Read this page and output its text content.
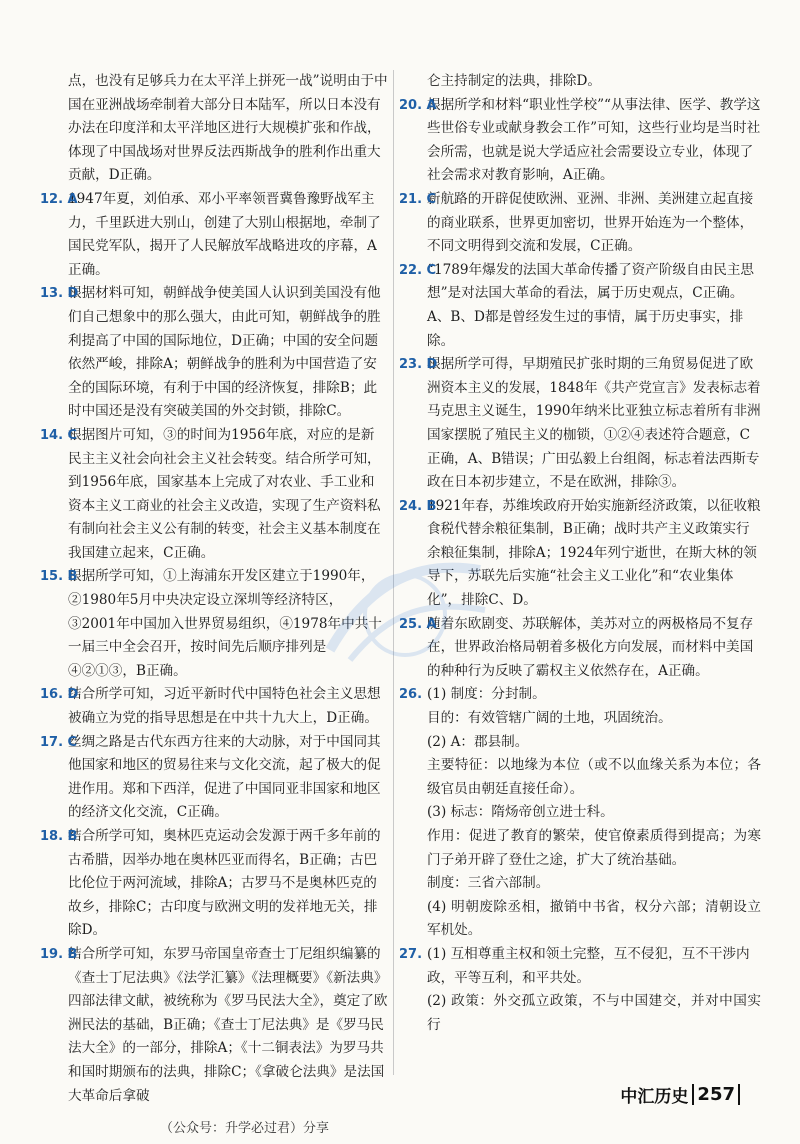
点，也没有足够兵力在太平洋上拼死一战”说明由于中国在亚洲战场牵制着大部分日本陆军，所以日本没有办法在印度洋和太平洋地区进行大规模扩张和作战，体现了中国战场对世界反法西斯战争的胜利作出重大贡献，D正确。

12. A
1947年夏，刘伯承、邓小平率领晋冀鲁豫野战军主力，千里跃进大别山，创建了大别山根据地，牵制了国民党军队，揭开了人民解放军战略进攻的序幕，A正确。

13. D
根据材料可知，朝鲜战争使美国人认识到美国没有他们自己想象中的那么强大，由此可知，朝鲜战争的胜利提高了中国的国际地位，D正确；中国的安全问题依然严峻，排除A；朝鲜战争的胜利为中国营造了安全的国际环境，有利于中国的经济恢复，排除B；此时中国还是没有突破美国的外交封锁，排除C。

14. C
根据图片可知，③的时间为1956年底，对应的是新民主主义社会向社会主义社会转变。结合所学可知，到1956年底，国家基本上完成了对农业、手工业和资本主义工商业的社会主义改造，实现了生产资料私有制向社会主义公有制的转变，社会主义基本制度在我国建立起来，C正确。

15. B
根据所学可知，①上海浦东开发区建立于1990年，②1980年5月中央决定设立深圳等经济特区，③2001年中国加入世界贸易组织，④1978年中共十一届三中全会召开，按时间先后顺序排列是④②①③，B正确。

16. D
结合所学可知，习近平新时代中国特色社会主义思想被确立为党的指导思想是在中共十九大上，D正确。

17. C
丝绸之路是古代东西方往来的大动脉，对于中国同其他国家和地区的贸易往来与文化交流，起了极大的促进作用。郑和下西洋，促进了中国同亚非国家和地区的经济文化交流，C正确。

18. B
结合所学可知，奥林匹克运动会发源于两千多年前的古希腊，因举办地在奥林匹亚而得名，B正确；古巴比伦位于两河流域，排除A；古罗马不是奥林匹克的故乡，排除C；古印度与欧洲文明的发祥地无关，排除D。

19. B
结合所学可知，东罗马帝国皇帝查士丁尼组织编纂的《查士丁尼法典》《法学汇纂》《法理概要》《新法典》四部法律文献，被统称为《罗马民法大全》，奠定了欧洲民法的基础，B正确；《查士丁尼法典》是《罗马民法大全》的一部分，排除A；《十二铜表法》为罗马共和国时期颁布的法典，排除C；《拿破仑法典》是法国大革命后拿破

仑主持制定的法典，排除D。

20. A
根据所学和材料“职业性学校”“从事法律、医学、教学这些世俗专业或献身教会工作”可知，这些行业均是当时社会所需，也就是说大学适应社会需要设立专业，体现了社会需求对教育影响，A正确。

21. C
新航路的开辟促使欧洲、亚洲、非洲、美洲建立起直接的商业联系，世界更加密切，世界开始连为一个整体，不同文明得到交流和发展，C正确。

22. C
“1789年爆发的法国大革命传播了资产阶级自由民主思想”是对法国大革命的看法，属于历史观点，C正确。A、B、D都是曾经发生过的事情，属于历史事实，排除。

23. D
根据所学可得，早期殖民扩张时期的三角贸易促进了欧洲资本主义的发展，1848年《共产党宣言》发表标志着马克思主义诞生，1990年纳米比亚独立标志着所有非洲国家摆脱了殖民主义的枷锁，①②④表述符合题意，C正确，A、B错误；广田弘毅上台组阁，标志着法西斯专政在日本初步建立，不是在欧洲，排除③。

24. B
1921年春，苏维埃政府开始实施新经济政策，以征收粮食税代替余粮征集制，B正确；战时共产主义政策实行余粮征集制，排除A；1924年列宁逝世，在斯大林的领导下，苏联先后实施“社会主义工业化”和“农业集体化”，排除C、D。

25. A
随着东欧剧变、苏联解体，美苏对立的两极格局不复存在，世界政治格局朝着多极化方向发展，而材料中美国的种种行为反映了霸权主义依然存在，A正确。

26. (1) 制度：分封制。

目的：有效管辖广阔的土地，巩固统治。

(2) A：郡县制。

主要特征：以地缘为本位（或不以血缘关系为本位；各级官员由朝廷直接任命）。

(3) 标志：隋炀帝创立进士科。

作用：促进了教育的繁荣，使官僚素质得到提高；为寒门子弟开辟了登仕之途，扩大了统治基础。

制度：三省六部制。

(4) 明朝废除丞相，撤销中书省，权分六部；清朝设立军机处。

27. (1) 互相尊重主权和领土完整，互不侵犯，互不干涉内政，平等互利，和平共处。

(2) 政策：外交孤立政策，不与中国建交，并对中国实行

中汇历史 257
（公众号：升学必过君）分享
